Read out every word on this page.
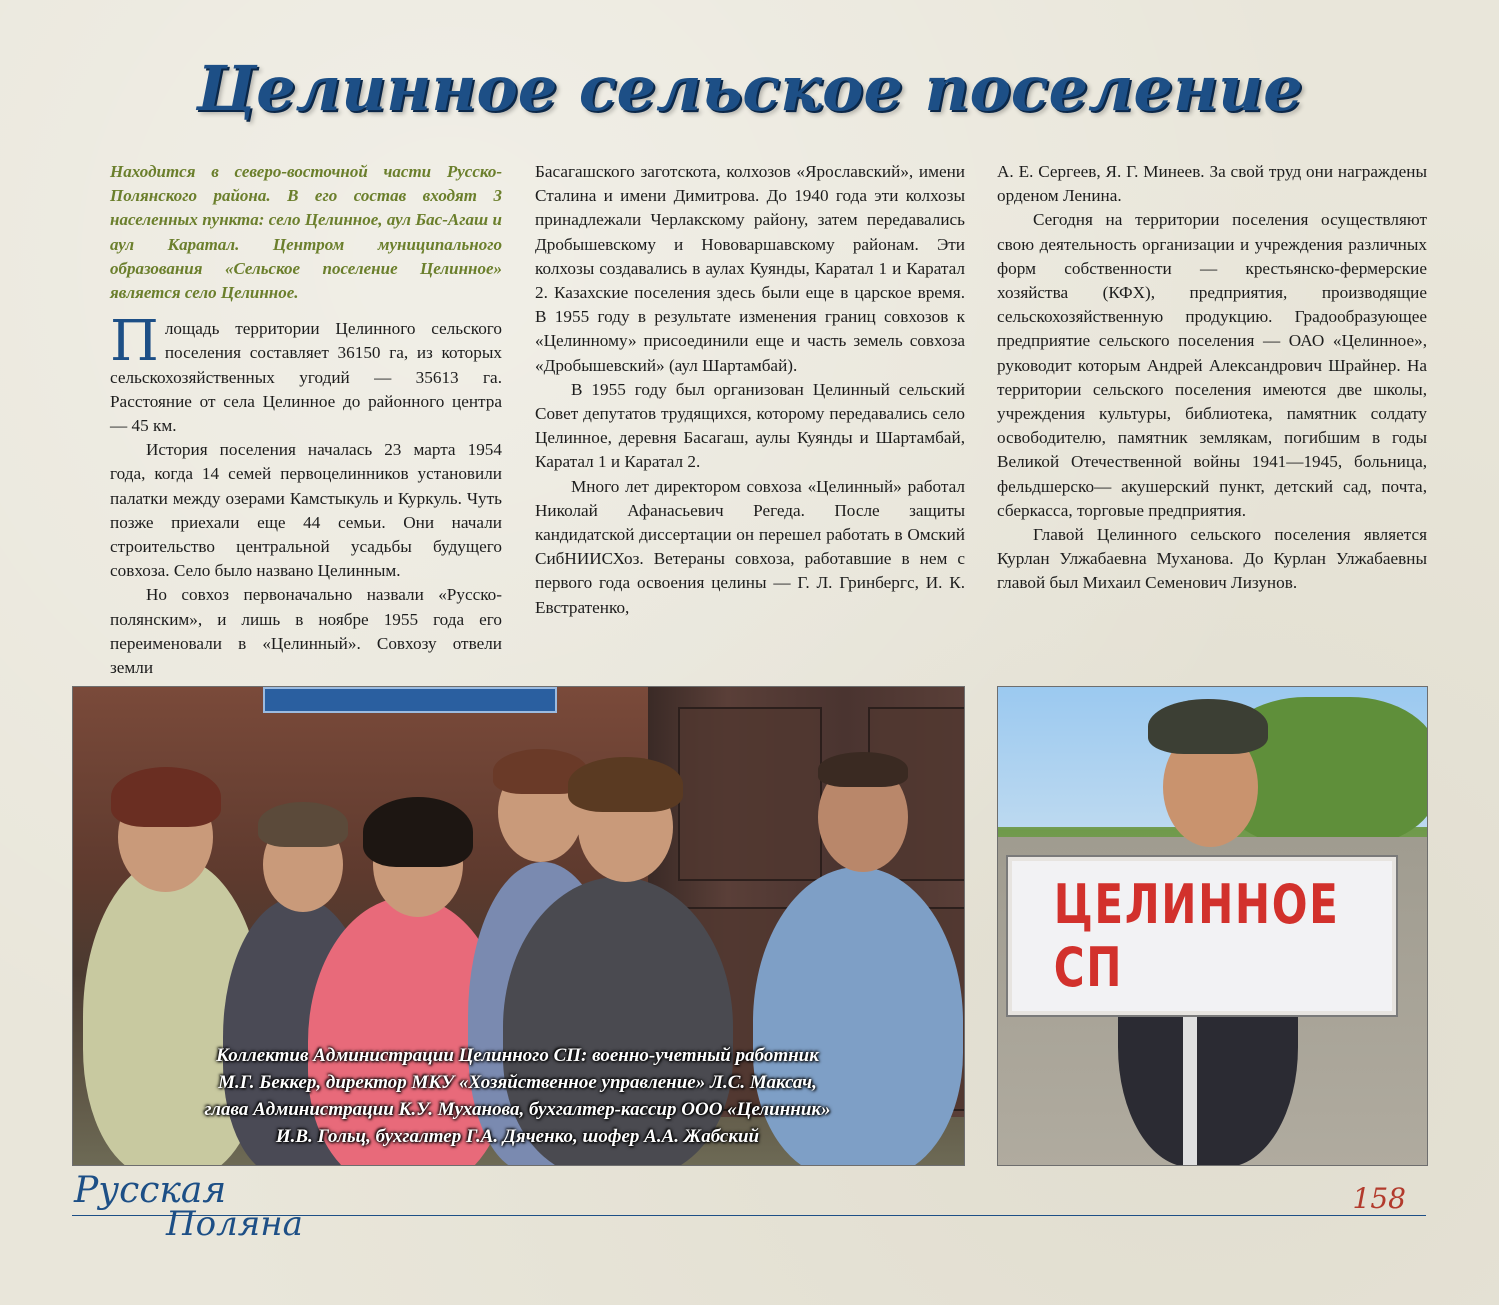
Целинное сельское поселение

Находится в северо-восточной части Русско-Полянского района. В его состав входят 3 населенных пункта: село Целинное, аул Бас-Агаш и аул Каратал. Центром муниципального образования «Сельское поселение Целинное» является село Целинное.

Площадь территории Целинного сельского поселения составляет 36150 га, из которых сельскохозяйственных угодий — 35613 га. Расстояние от села Целинное до районного центра — 45 км.

История поселения началась 23 марта 1954 года, когда 14 семей первоцелинников установили палатки между озерами Камстыкуль и Куркуль. Чуть позже приехали еще 44 семьи. Они начали строительство центральной усадьбы будущего совхоза. Село было названо Целинным.

Но совхоз первоначально назвали «Русско-полянским», и лишь в ноябре 1955 года его переименовали в «Целинный». Совхозу отвели земли

Басагашского заготскота, колхозов «Ярославский», имени Сталина и имени Димитрова. До 1940 года эти колхозы принадлежали Черлакскому району, затем передавались Дробышевскому и Нововаршавскому районам. Эти колхозы создавались в аулах Куянды, Каратал 1 и Каратал 2. Казахские поселения здесь были еще в царское время. В 1955 году в результате изменения границ совхозов к «Целинному» присоединили еще и часть земель совхоза «Дробышевский» (аул Шартамбай).

В 1955 году был организован Целинный сельский Совет депутатов трудящихся, которому передавались село Целинное, деревня Басагаш, аулы Куянды и Шартамбай, Каратал 1 и Каратал 2.

Много лет директором совхоза «Целинный» работал Николай Афанасьевич Регеда. После защиты кандидатской диссертации он перешел работать в Омский СибНИИСХоз. Ветераны совхоза, работавшие в нем с первого года освоения целины — Г. Л. Гринбергс, И. К. Евстратенко,

А. Е. Сергеев, Я. Г. Минеев. За свой труд они награждены орденом Ленина.

Сегодня на территории поселения осуществляют свою деятельность организации и учреждения различных форм собственности — крестьянско-фермерские хозяйства (КФХ), предприятия, производящие сельскохозяйственную продукцию. Градообразующее предприятие сельского поселения — ОАО «Целинное», руководит которым Андрей Александрович Шрайнер. На территории сельского поселения имеются две школы, учреждения культуры, библиотека, памятник солдату освободителю, памятник землякам, погибшим в годы Великой Отечественной войны 1941—1945, больница, фельдшерско— акушерский пункт, детский сад, почта, сберкасса, торговые предприятия.

Главой Целинного сельского поселения является Курлан Улжабаевна Муханова. До Курлан Улжабаевны главой был Михаил Семенович Лизунов.

Коллектив Администрации Целинного СП: военно-учетный работник
М.Г. Беккер, директор МКУ «Хозяйственное управление» Л.С. Максач,
глава Администрации К.У. Муханова, бухгалтер-кассир ООО «Целинник»
И.В. Гольц, бухгалтер Г.А. Дяченко, шофер А.А. Жабский
ЦЕЛИННОЕ СП
Русская
Поляна
158
